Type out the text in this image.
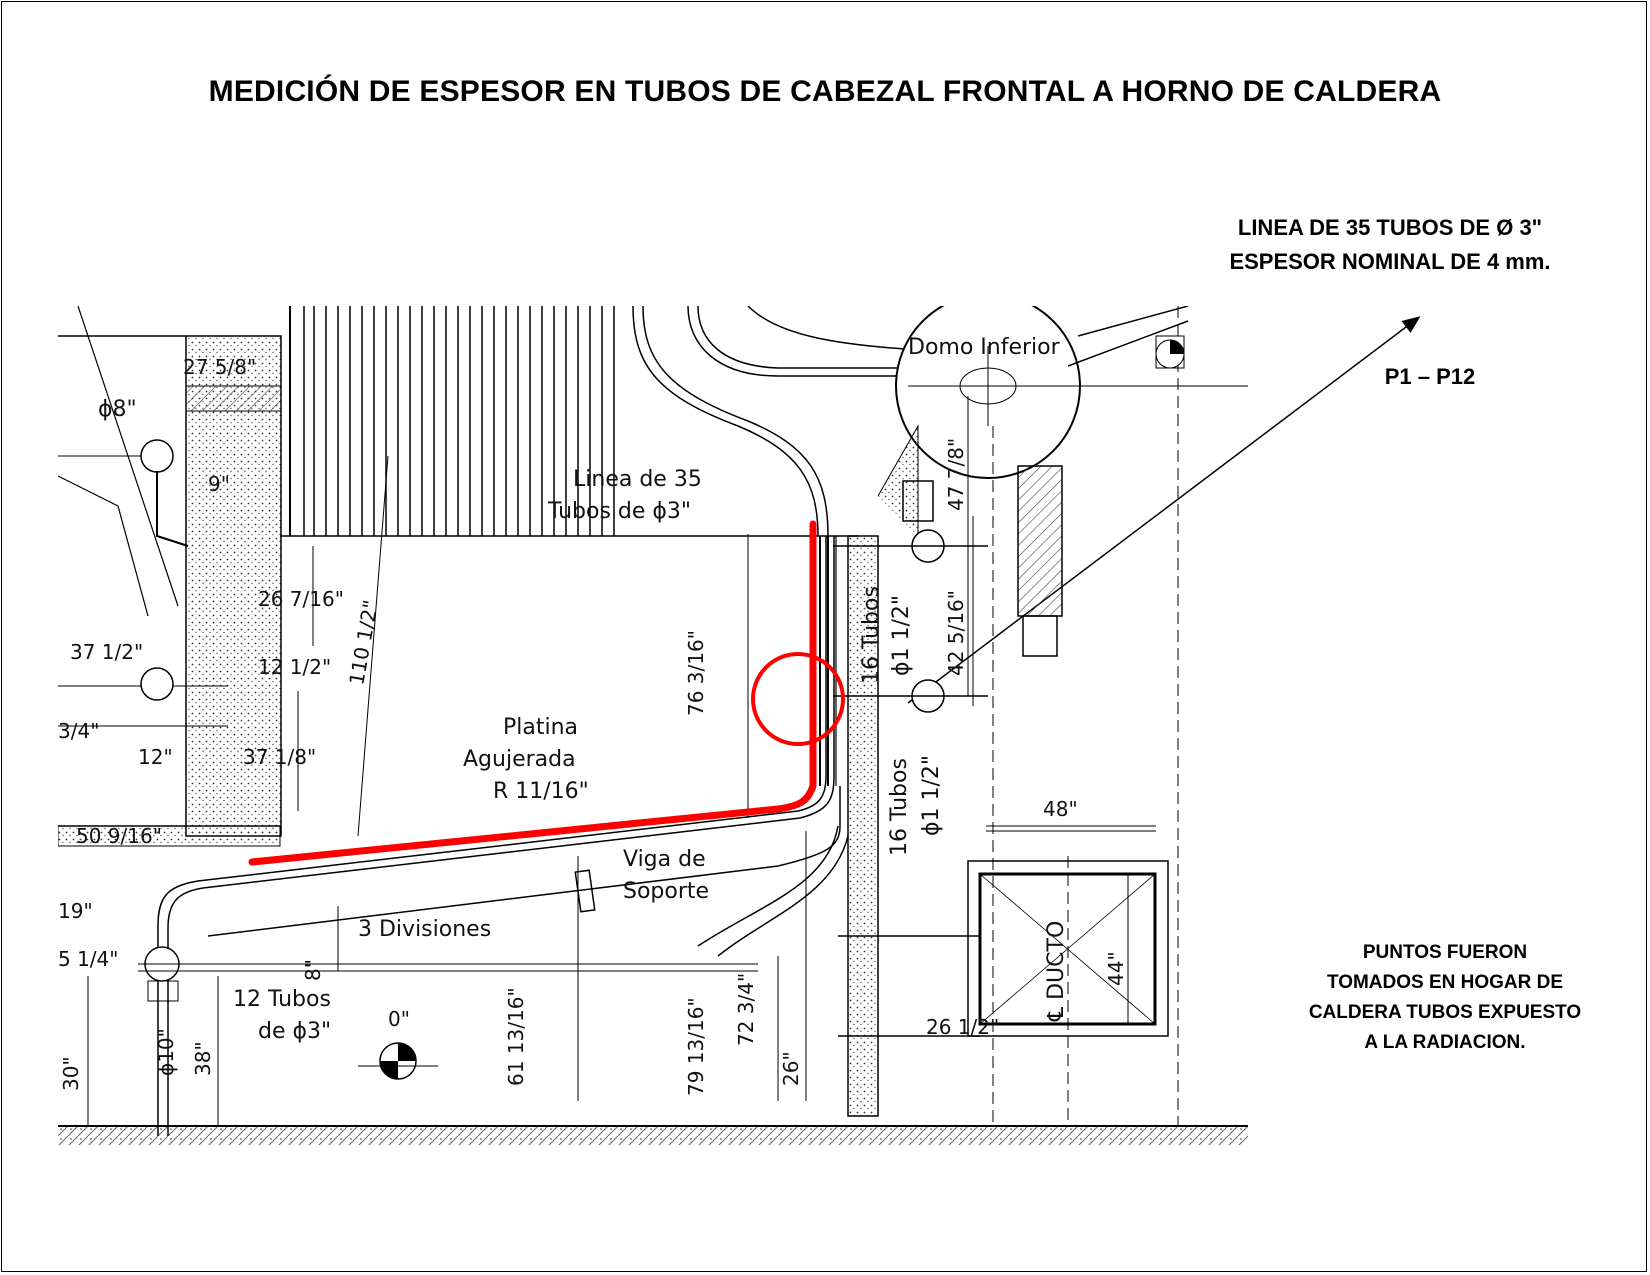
MEDICIÓN DE ESPESOR EN TUBOS DE CABEZAL FRONTAL A HORNO DE CALDERA
LINEA DE 35 TUBOS DE Ø 3"
ESPESOR NOMINAL DE 4 mm.
P1 – P12
PUNTOS FUERON
TOMADOS EN HOGAR DE
CALDERA TUBOS EXPUESTO
A LA RADIACION.
Domo Inferior
Linea de 35
Tubos de ϕ3"
Platina
Agujerada
R 11/16"
Viga de
Soporte
3 Divisiones
12 Tubos
de ϕ3"
ϕ8"
16 Tubos ϕ1 1/2"
16 Tubos ϕ1 1/2"
℄ DUCTO
ϕ10"
27 5/8"
9"
26 7/16" 110 1/2"
37 1/2"
12 1/2"
3/4"
12"	37 1/8"
50 9/16"
19"
5 1/4"
30"	38"
8"
0"	61 13/16"	79 13/16" 72 3/4"
26"
76 3/16"
47 7/8"
42 5/16"
48"
44"
26 1/2"
